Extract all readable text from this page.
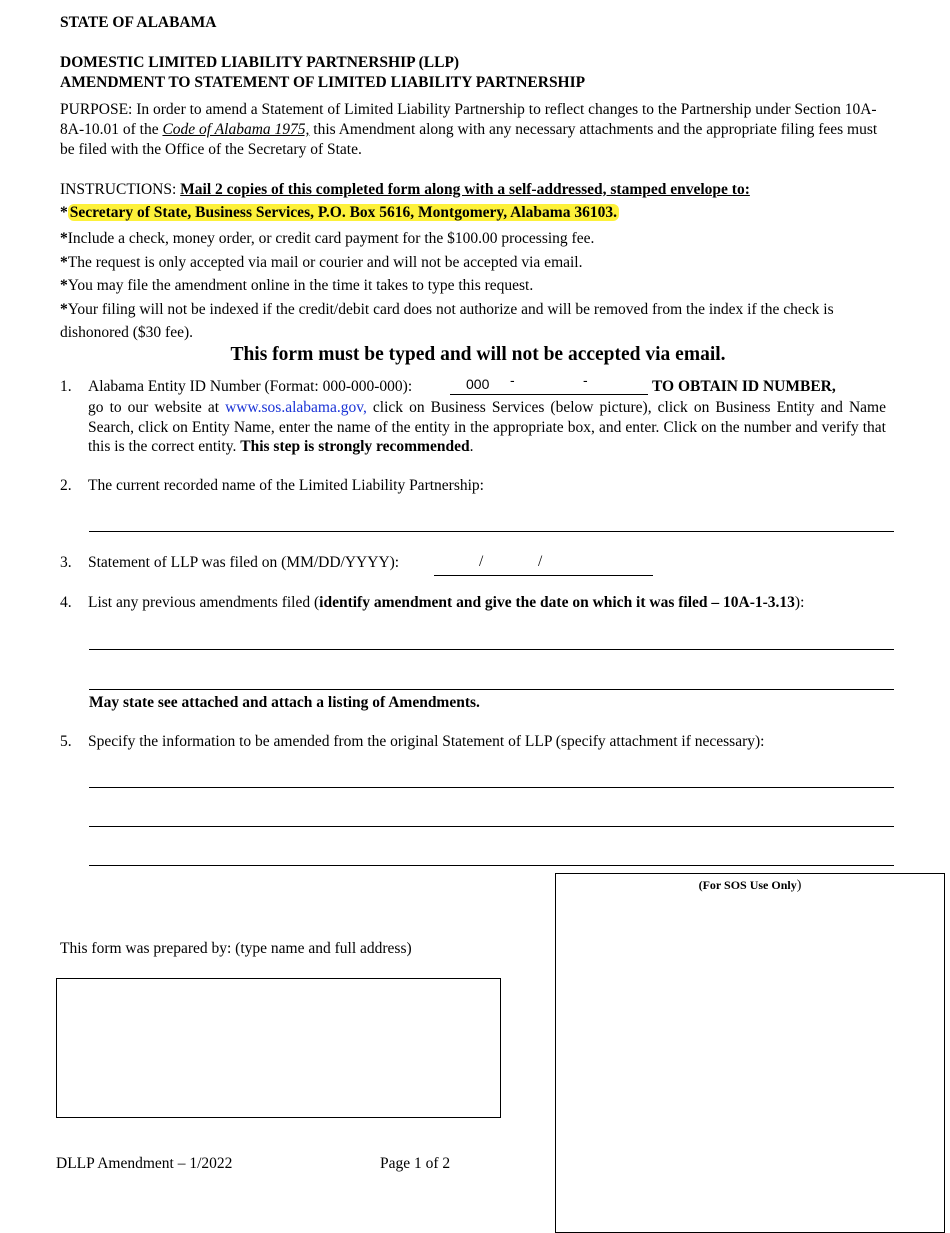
STATE OF ALABAMA
DOMESTIC LIMITED LIABILITY PARTNERSHIP (LLP)
AMENDMENT TO STATEMENT OF LIMITED LIABILITY PARTNERSHIP
PURPOSE: In order to amend a Statement of Limited Liability Partnership to reflect changes to the Partnership under Section 10A-8A-10.01 of the Code of Alabama 1975, this Amendment along with any necessary attachments and the appropriate filing fees must be filed with the Office of the Secretary of State.
INSTRUCTIONS: Mail 2 copies of this completed form along with a self-addressed, stamped envelope to:
* Secretary of State, Business Services, P.O. Box 5616, Montgomery, Alabama 36103.
*Include a check, money order, or credit card payment for the $100.00 processing fee.
*The request is only accepted via mail or courier and will not be accepted via email.
*You may file the amendment online in the time it takes to type this request.
*Your filing will not be indexed if the credit/debit card does not authorize and will be removed from the index if the check is dishonored ($30 fee).
This form must be typed and will not be accepted via email.
1. Alabama Entity ID Number (Format: 000-000-000):	000 -	-	TO OBTAIN ID NUMBER,
go to our website at www.sos.alabama.gov, click on Business Services (below picture), click on Business Entity and Name Search, click on Entity Name, enter the name of the entity in the appropriate box, and enter. Click on the number and verify that this is the correct entity. This step is strongly recommended.
2. The current recorded name of the Limited Liability Partnership:
3. Statement of LLP was filed on (MM/DD/YYYY):	/	/
4. List any previous amendments filed (identify amendment and give the date on which it was filed – 10A-1-3.13):
May state see attached and attach a listing of Amendments.
5. Specify the information to be amended from the original Statement of LLP (specify attachment if necessary):
(For SOS Use Only)
This form was prepared by: (type name and full address)
DLLP Amendment – 1/2022	Page 1 of 2
